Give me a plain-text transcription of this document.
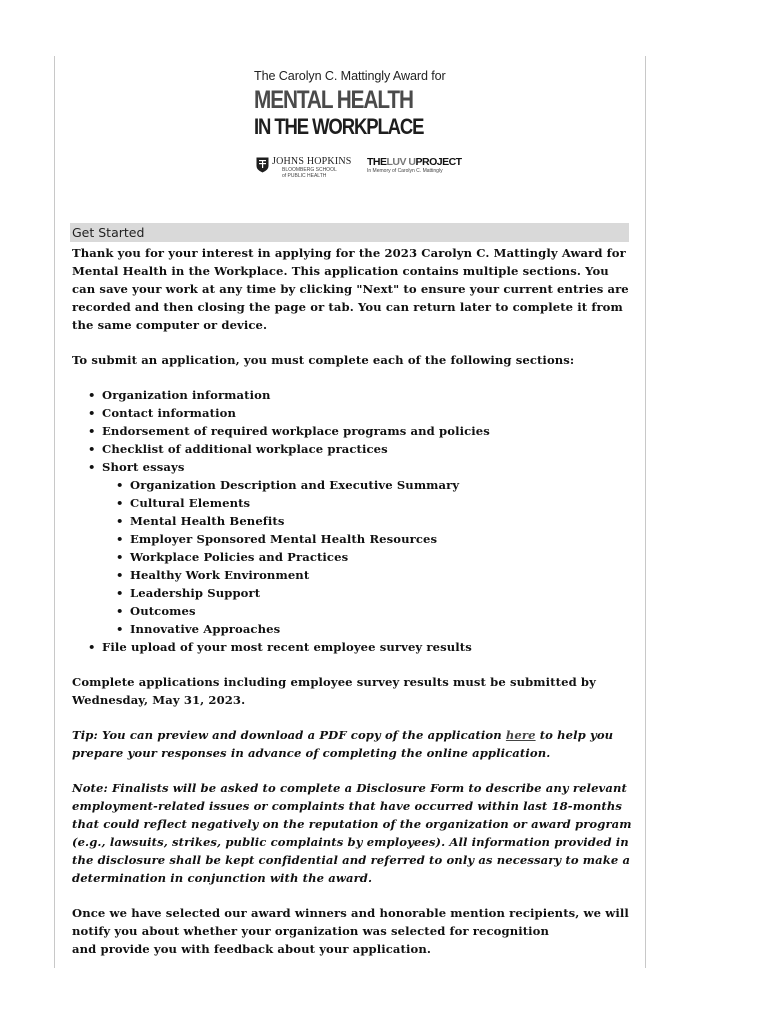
The Carolyn C. Mattingly Award for
MENTAL HEALTH
IN THE WORKPLACE
JOHNS HOPKINS
BLOOMBERG SCHOOL
of PUBLIC HEALTH
THELUV UPROJECT
In Memory of Carolyn C. Mattingly
Get Started

Thank you for your interest in applying for the 2023 Carolyn C. Mattingly Award for
Mental Health in the Workplace. This application contains multiple sections. You
can save your work at any time by clicking "Next" to ensure your current entries are
recorded and then closing the page or tab. You can return later to complete it from
the same computer or device.

To submit an application, you must complete each of the following sections:

• Organization information
• Contact information
• Endorsement of required workplace programs and policies
• Checklist of additional workplace practices
• Short essays
• Organization Description and Executive Summary
• Cultural Elements
• Mental Health Benefits
• Employer Sponsored Mental Health Resources
• Workplace Policies and Practices
• Healthy Work Environment
• Leadership Support
• Outcomes
• Innovative Approaches
• File upload of your most recent employee survey results

Complete applications including employee survey results must be submitted by
Wednesday, May 31, 2023.

Tip: You can preview and download a PDF copy of the application here to help you
prepare your responses in advance of completing the online application.

Note: Finalists will be asked to complete a Disclosure Form to describe any relevant
employment-related issues or complaints that have occurred within last 18-months
that could reflect negatively on the reputation of the organization or award program
(e.g., lawsuits, strikes, public complaints by employees). All information provided in
the disclosure shall be kept confidential and referred to only as necessary to make a
determination in conjunction with the award.

Once we have selected our award winners and honorable mention recipients, we will
notify you about whether your organization was selected for recognition
and provide you with feedback about your application.
